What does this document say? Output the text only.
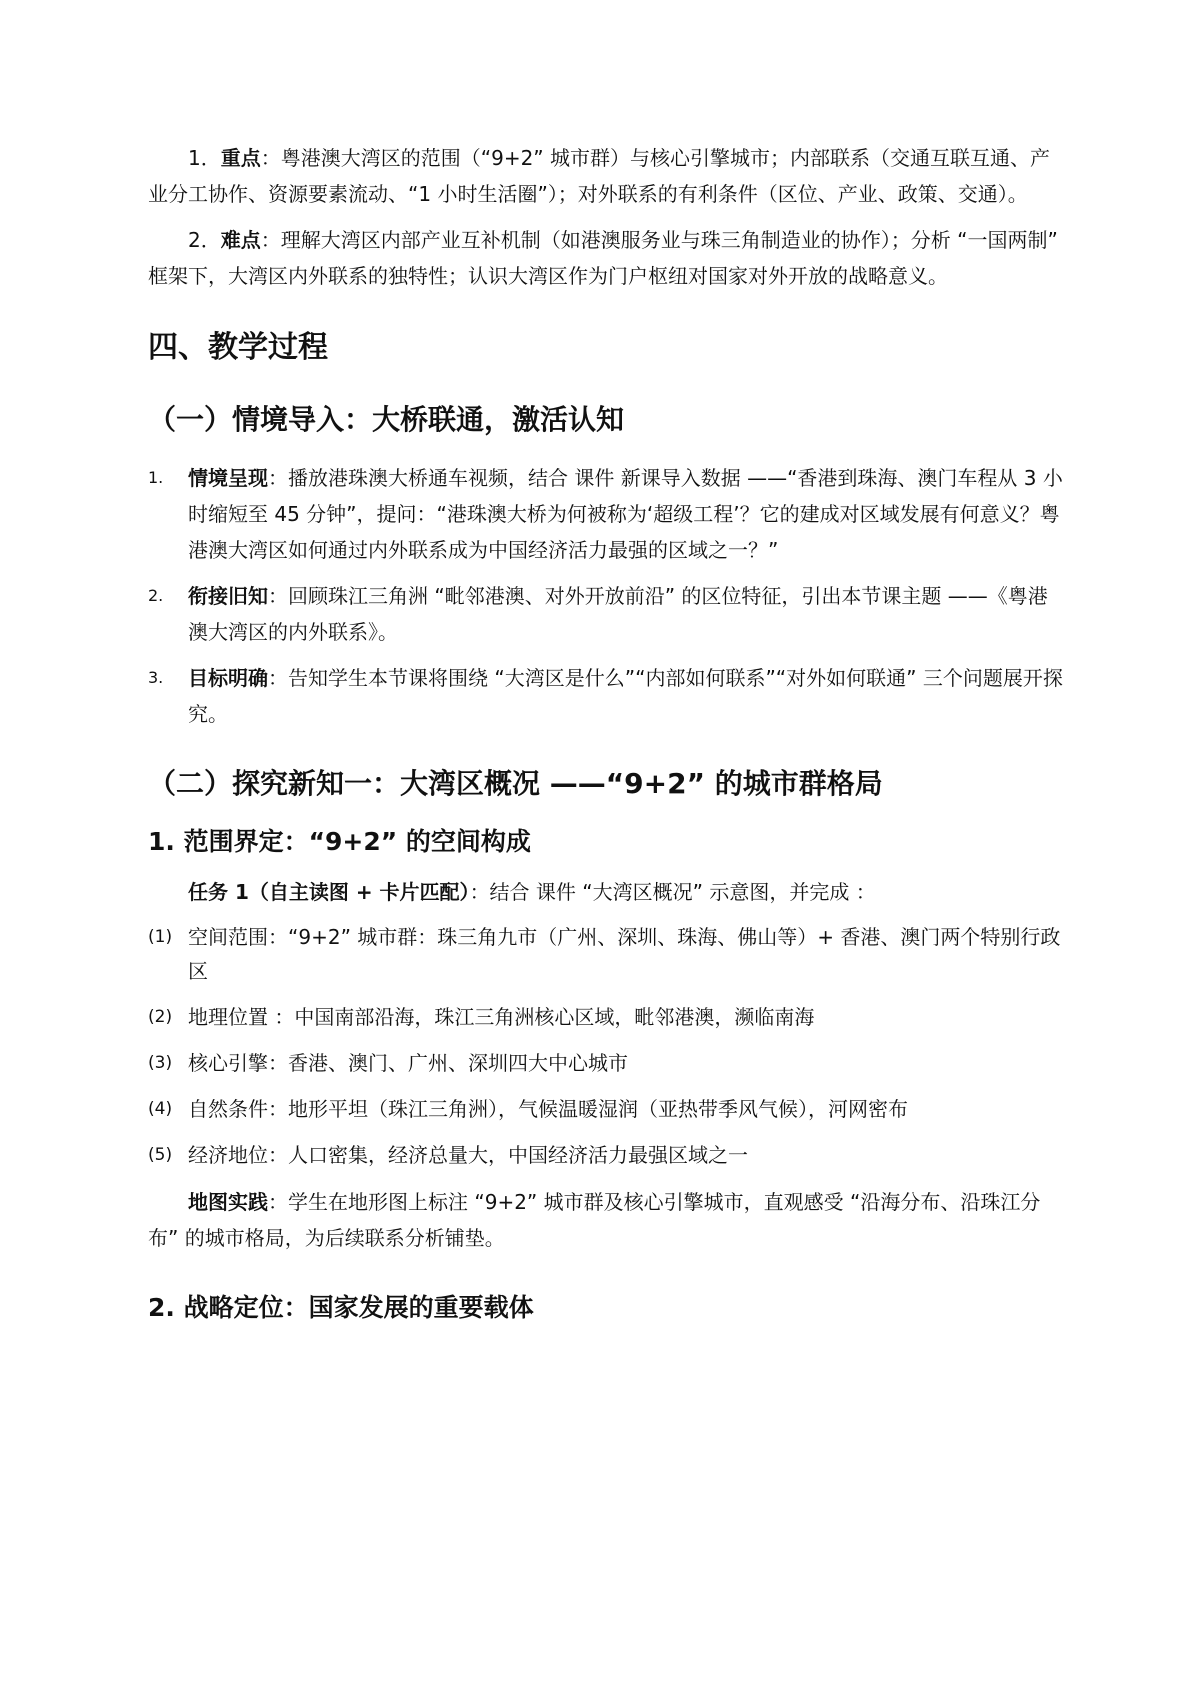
1．重点：粤港澳大湾区的范围（“9+2” 城市群）与核心引擎城市；内部联系（交通互联互通、产业分工协作、资源要素流动、“1 小时生活圈”）；对外联系的有利条件（区位、产业、政策、交通）。

2．难点：理解大湾区内部产业互补机制（如港澳服务业与珠三角制造业的协作）；分析 “一国两制” 框架下，大湾区内外联系的独特性；认识大湾区作为门户枢纽对国家对外开放的战略意义。

四、教学过程
（一）情境导入：大桥联通，激活认知
1.	情境呈现：播放港珠澳大桥通车视频，结合 课件 新课导入数据 ——“香港到珠海、澳门车程从 3 小时缩短至 45 分钟”，提问：“港珠澳大桥为何被称为‘超级工程’？它的建成对区域发展有何意义？粤港澳大湾区如何通过内外联系成为中国经济活力最强的区域之一？”
2.	衔接旧知：回顾珠江三角洲 “毗邻港澳、对外开放前沿” 的区位特征，引出本节课主题 ——《粤港澳大湾区的内外联系》。
3.	目标明确：告知学生本节课将围绕 “大湾区是什么”“内部如何联系”“对外如何联通” 三个问题展开探究。
（二）探究新知一：大湾区概况 ——“9+2” 的城市群格局
1. 范围界定：“9+2” 的空间构成

任务 1（自主读图 + 卡片匹配）：结合 课件 “大湾区概况” 示意图，并完成 ：

(1) 空间范围：“9+2” 城市群：珠三角九市（广州、深圳、珠海、佛山等）+ 香港、澳门两个特别行政区
(2) 地理位置 ：中国南部沿海，珠江三角洲核心区域，毗邻港澳，濒临南海
(3) 核心引擎：香港、澳门、广州、深圳四大中心城市
(4) 自然条件：地形平坦（珠江三角洲），气候温暖湿润（亚热带季风气候），河网密布
(5) 经济地位：人口密集，经济总量大，中国经济活力最强区域之一

地图实践：学生在地形图上标注 “9+2” 城市群及核心引擎城市，直观感受 “沿海分布、沿珠江分布” 的城市格局，为后续联系分析铺垫。

2. 战略定位：国家发展的重要载体
